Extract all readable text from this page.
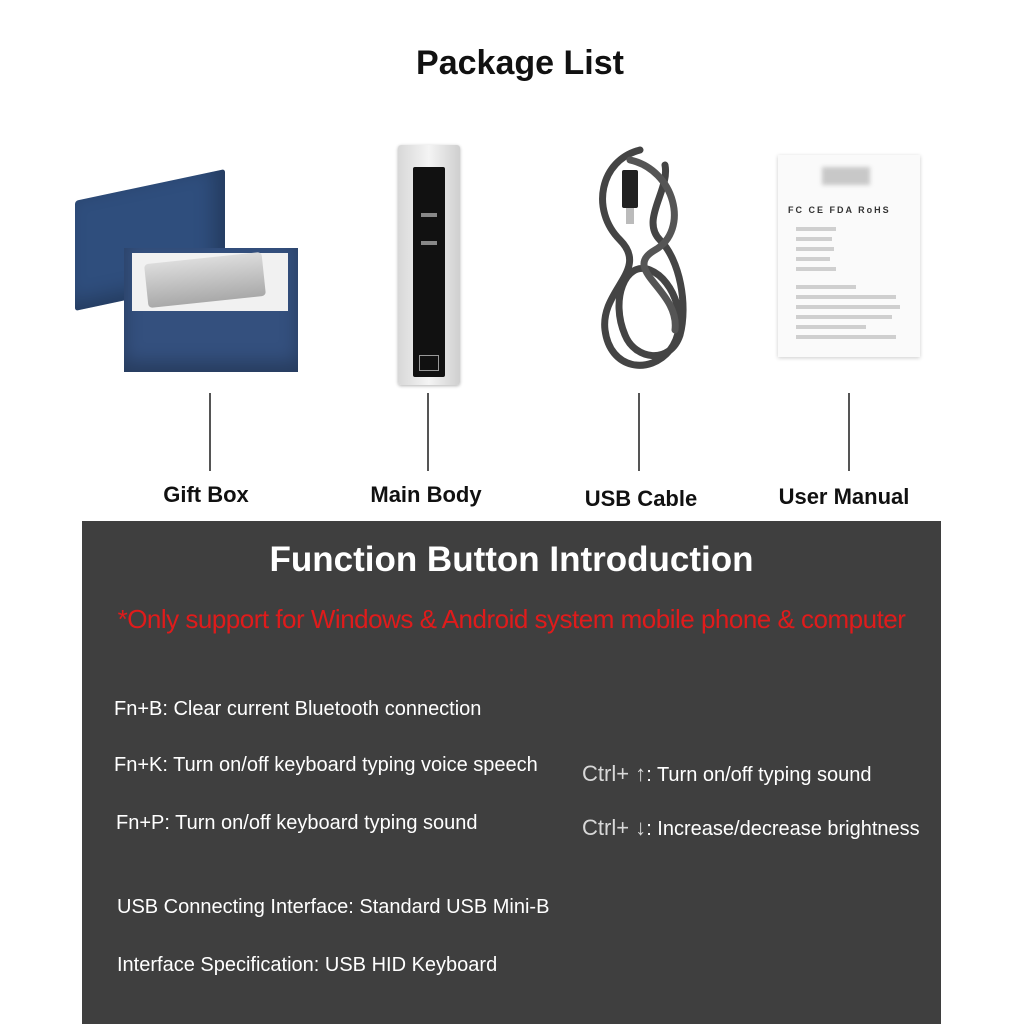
Package List
FC CE FDA RoHS
Gift Box	Main Body	USB Cable	User Manual
Function Button Introduction
*Only support for Windows & Android system mobile phone & computer
Fn+B: Clear current Bluetooth connection
Fn+K: Turn on/off keyboard typing voice speech
Fn+P: Turn on/off keyboard typing sound
USB Connecting Interface: Standard USB Mini-B
Interface Specification: USB HID Keyboard
Ctrl+ ↑: Turn on/off typing sound
Ctrl+ ↓: Increase/decrease brightness
